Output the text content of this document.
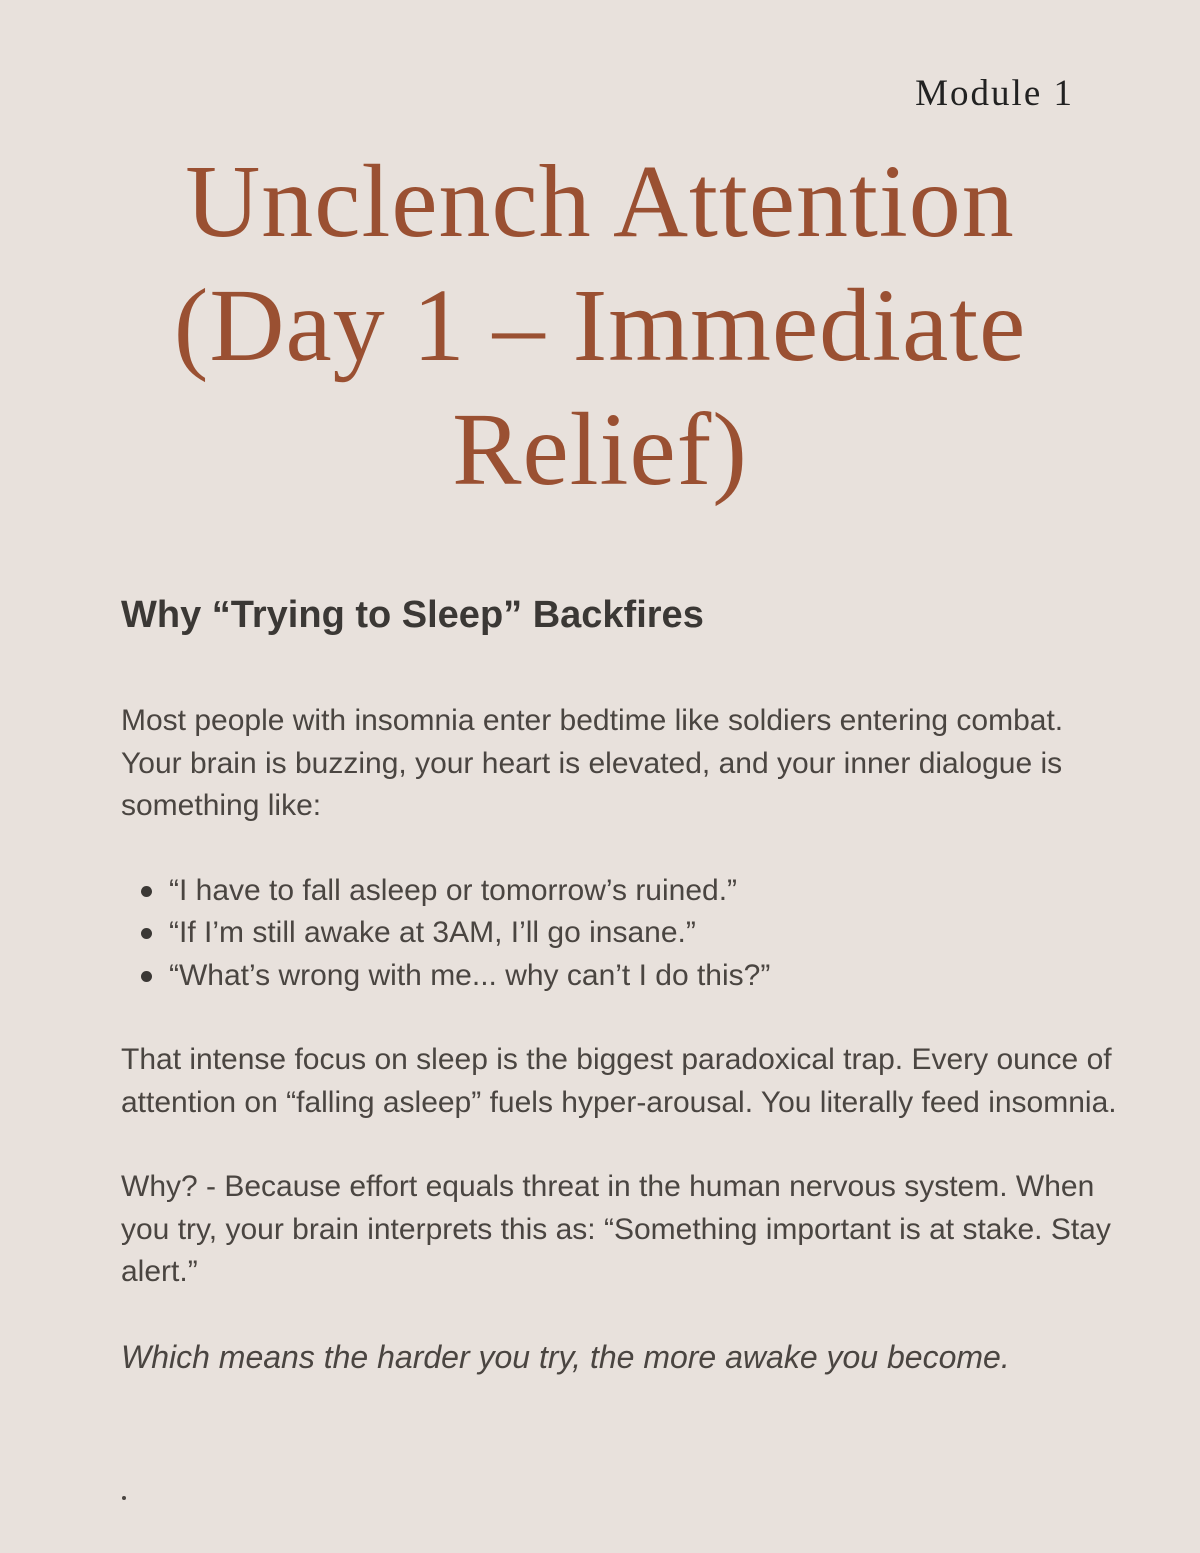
Module 1
Unclench Attention
(Day 1 – Immediate
Relief)
Why “Trying to Sleep” Backfires

Most people with insomnia enter bedtime like soldiers entering combat. Your brain is buzzing, your heart is elevated, and your inner dialogue is something like:

“I have to fall asleep or tomorrow’s ruined.”
“If I’m still awake at 3AM, I’ll go insane.”
“What’s wrong with me... why can’t I do this?”

That intense focus on sleep is the biggest paradoxical trap. Every ounce of attention on “falling asleep” fuels hyper-arousal. You literally feed insomnia.

Why? - Because effort equals threat in the human nervous system. When you try, your brain interprets this as: “Something important is at stake. Stay alert.”

Which means the harder you try, the more awake you become.
